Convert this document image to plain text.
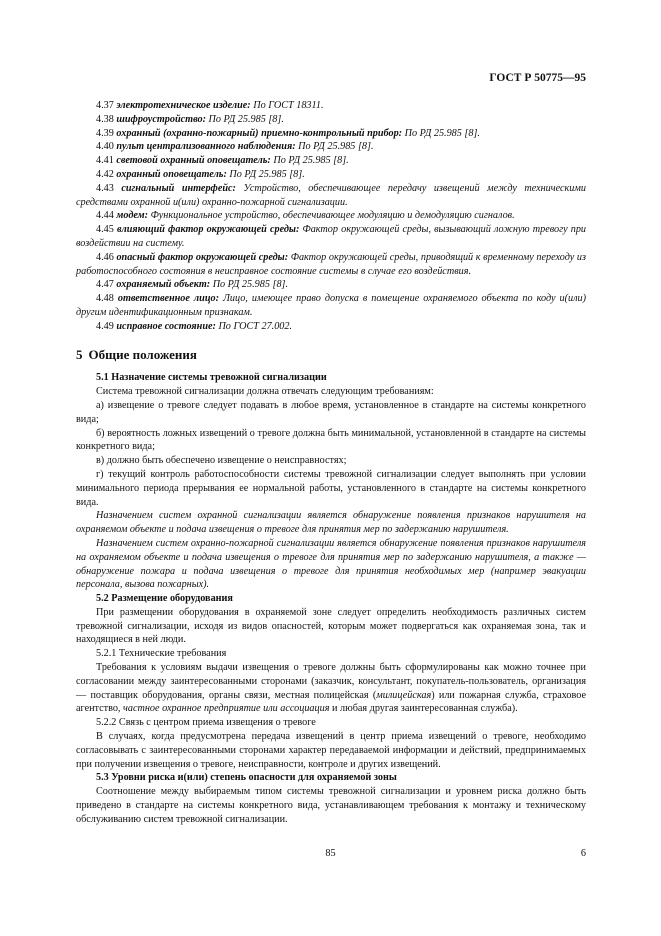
ГОСТ Р 50775—95

4.37 электротехническое изделие: По ГОСТ 18311.

4.38 шифроустройство: По РД 25.985 [8].

4.39 охранный (охранно-пожарный) приемно-контрольный прибор: По РД 25.985 [8].

4.40 пульт централизованного наблюдения: По РД 25.985 [8].

4.41 световой охранный оповещатель: По РД 25.985 [8].

4.42 охранный оповещатель: По РД 25.985 [8].

4.43 сигнальный интерфейс: Устройство, обеспечивающее передачу извещений между техническими средствами охранной и(или) охранно-пожарной сигнализации.

4.44 модем: Функциональное устройство, обеспечивающее модуляцию и демодуляцию сигналов.

4.45 влияющий фактор окружающей среды: Фактор окружающей среды, вызывающий ложную тревогу при воздействии на систему.

4.46 опасный фактор окружающей среды: Фактор окружающей среды, приводящий к временному переходу из работоспособного состояния в неисправное состояние системы в случае его воздействия.

4.47 охраняемый объект: По РД 25.985 [8].

4.48 ответственное лицо: Лицо, имеющее право допуска в помещение охраняемого объекта по коду и(или) другим идентификационным признакам.

4.49 исправное состояние: По ГОСТ 27.002.

5 Общие положения

5.1 Назначение системы тревожной сигнализации

Система тревожной сигнализации должна отвечать следующим требованиям:

а) извещение о тревоге следует подавать в любое время, установленное в стандарте на системы конкретного вида;

б) вероятность ложных извещений о тревоге должна быть минимальной, установленной в стандарте на системы конкретного вида;

в) должно быть обеспечено извещение о неисправностях;

г) текущий контроль работоспособности системы тревожной сигнализации следует выполнять при условии минимального периода прерывания ее нормальной работы, установленного в стандарте на системы конкретного вида.

Назначением систем охранной сигнализации является обнаружение появления признаков нарушителя на охраняемом объекте и подача извещения о тревоге для принятия мер по задержанию нарушителя.

Назначением систем охранно-пожарной сигнализации является обнаружение появления признаков нарушителя на охраняемом объекте и подача извещения о тревоге для принятия мер по задержанию нарушителя, а также — обнаружение пожара и подача извещения о тревоге для принятия необходимых мер (например эвакуации персонала, вызова пожарных).

5.2 Размещение оборудования

При размещении оборудования в охраняемой зоне следует определить необходимость различных систем тревожной сигнализации, исходя из видов опасностей, которым может подвергаться как охраняемая зона, так и находящиеся в ней люди.

5.2.1 Технические требования

Требования к условиям выдачи извещения о тревоге должны быть сформулированы как можно точнее при согласовании между заинтересованными сторонами (заказчик, консультант, покупатель-пользователь, организация — поставщик оборудования, органы связи, местная полицейская (милицейская) или пожарная служба, страховое агентство, частное охранное предприятие или ассоциация и любая другая заинтересованная служба).

5.2.2 Связь с центром приема извещения о тревоге

В случаях, когда предусмотрена передача извещений в центр приема извещений о тревоге, необходимо согласовывать с заинтересованными сторонами характер передаваемой информации и действий, предпринимаемых при получении извещения о тревоге, неисправности, контроле и других извещений.

5.3 Уровни риска и(или) степень опасности для охраняемой зоны

Соотношение между выбираемым типом системы тревожной сигнализации и уровнем риска должно быть приведено в стандарте на системы конкретного вида, устанавливающем требования к монтажу и техническому обслуживанию систем тревожной сигнализации.

85	6
